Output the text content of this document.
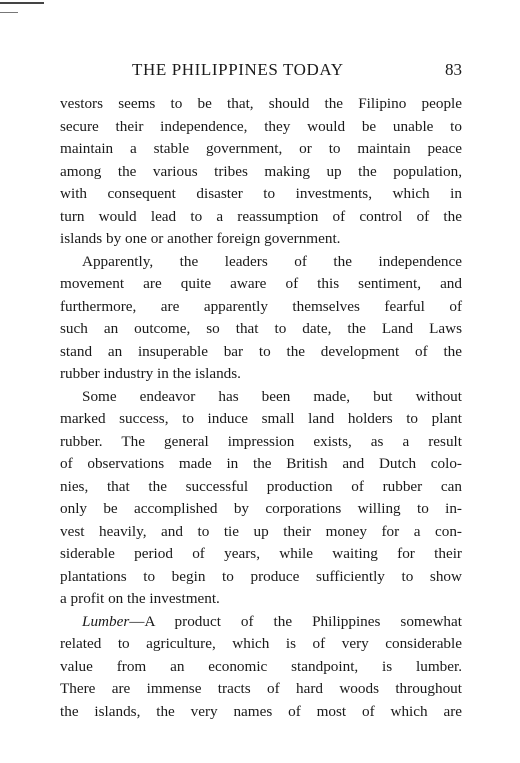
THE PHILIPPINES TODAY	83

vestors seems to be that, should the Filipino people
secure their independence, they would be unable to
maintain a stable government, or to maintain peace
among the various tribes making up the population,
with consequent disaster to investments, which in
turn would lead to a reassumption of control of the
islands by one or another foreign government.

Apparently, the leaders of the independence
movement are quite aware of this sentiment, and
furthermore, are apparently themselves fearful of
such an outcome, so that to date, the Land Laws
stand an insuperable bar to the development of the
rubber industry in the islands.

Some endeavor has been made, but without
marked success, to induce small land holders to plant
rubber. The general impression exists, as a result
of observations made in the British and Dutch colo-
nies, that the successful production of rubber can
only be accomplished by corporations willing to in-
vest heavily, and to tie up their money for a con-
siderable period of years, while waiting for their
plantations to begin to produce sufficiently to show
a profit on the investment.

Lumber—A product of the Philippines somewhat
related to agriculture, which is of very considerable
value from an economic standpoint, is lumber.
There are immense tracts of hard woods throughout
the islands, the very names of most of which are
